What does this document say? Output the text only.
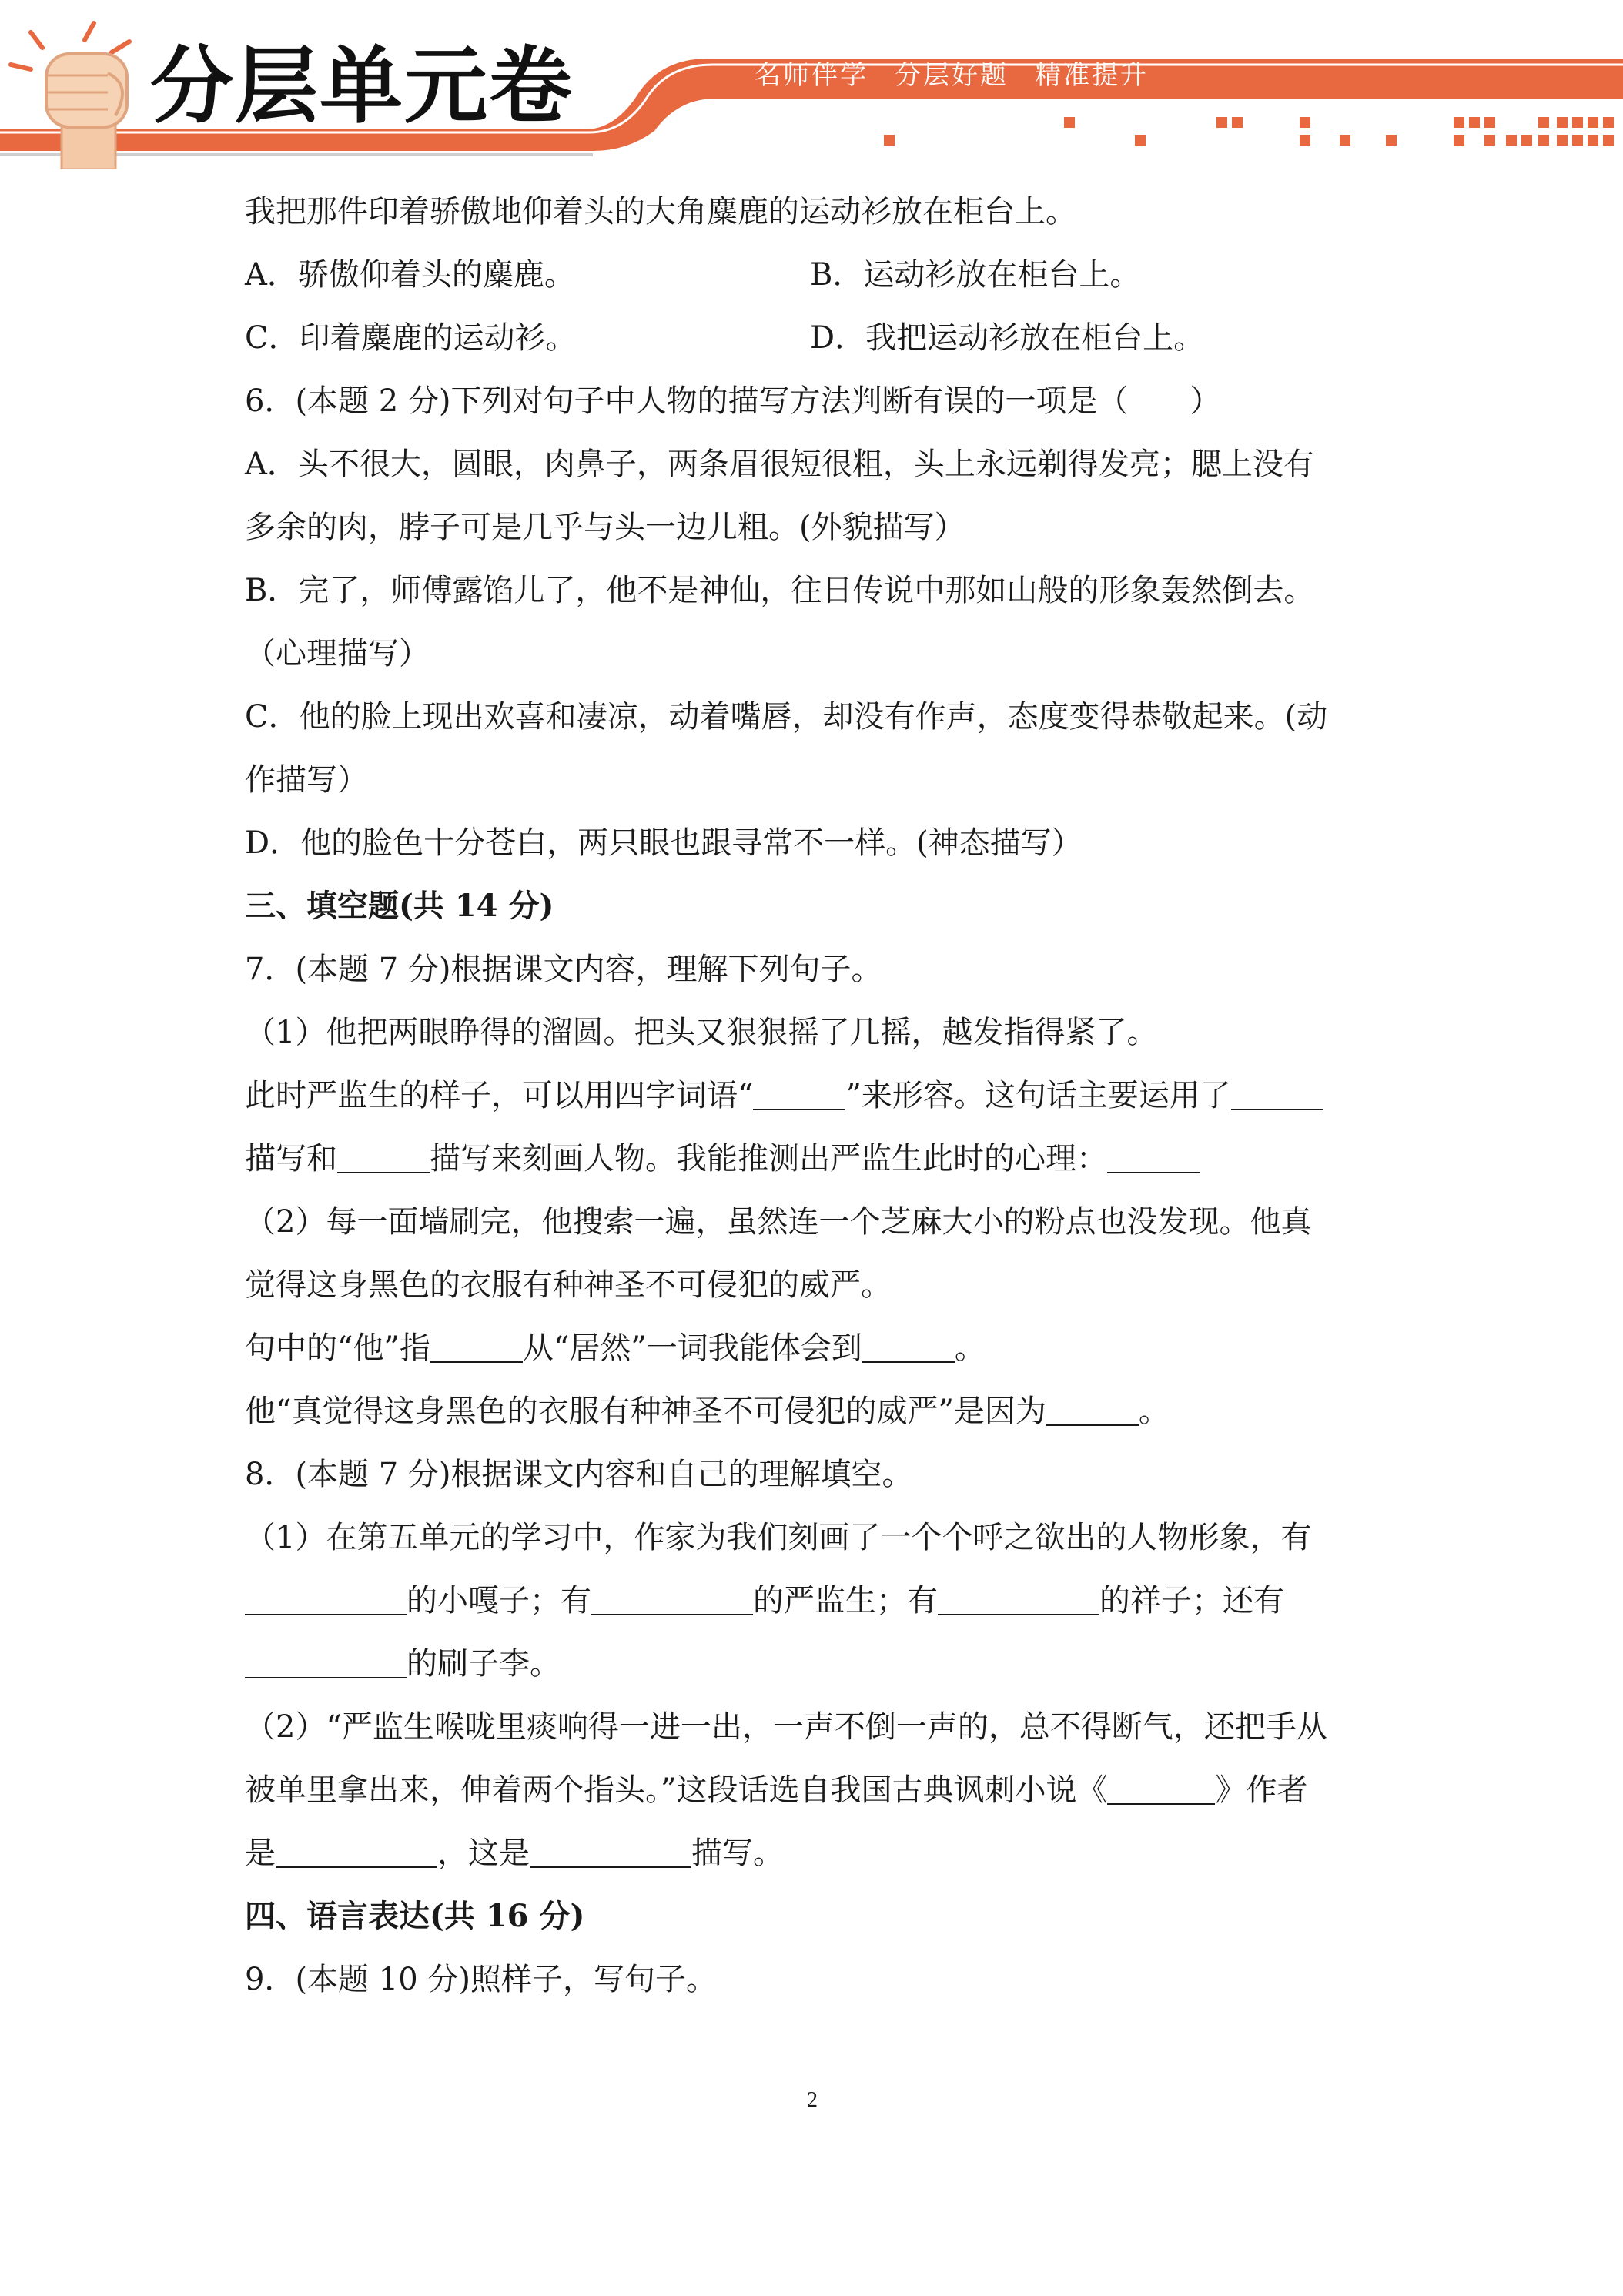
分层单元卷	名师伴学 分层好题 精准提升
我把那件印着骄傲地仰着头的大角麋鹿的运动衫放在柜台上。
A．骄傲仰着头的麋鹿。	B．运动衫放在柜台上。
C．印着麋鹿的运动衫。	D．我把运动衫放在柜台上。
6．(本题 2 分)下列对句子中人物的描写方法判断有误的一项是（　　）
A．头不很大，圆眼，肉鼻子，两条眉很短很粗，头上永远剃得发亮；腮上没有
多余的肉，脖子可是几乎与头一边儿粗。(外貌描写）
B．完了，师傅露馅儿了，他不是神仙，往日传说中那如山般的形象轰然倒去。
（心理描写）
C．他的脸上现出欢喜和凄凉，动着嘴唇，却没有作声，态度变得恭敬起来。(动
作描写）
D．他的脸色十分苍白，两只眼也跟寻常不一样。(神态描写）
三、填空题(共 14 分)
7．(本题 7 分)根据课文内容，理解下列句子。
（1）他把两眼睁得的溜圆。把头又狠狠摇了几摇，越发指得紧了。
此时严监生的样子，可以用四字词语“	”来形容。这句话主要运用了
描写和	描写来刻画人物。我能推测出严监生此时的心理：
（2）每一面墙刷完，他搜索一遍，虽然连一个芝麻大小的粉点也没发现。他真
觉得这身黑色的衣服有种神圣不可侵犯的威严。
句中的“他”指	从“居然”一词我能体会到	。
他“真觉得这身黑色的衣服有种神圣不可侵犯的威严”是因为	。
8．(本题 7 分)根据课文内容和自己的理解填空。
（1）在第五单元的学习中，作家为我们刻画了一个个呼之欲出的人物形象，有
的小嘎子；有	的严监生；有	的祥子；还有
的刷子李。
（2）“严监生喉咙里痰响得一进一出，一声不倒一声的，总不得断气，还把手从
被单里拿出来，伸着两个指头。”这段话选自我国古典讽刺小说《	》作者
是	，这是	描写。
四、语言表达(共 16 分)
9．(本题 10 分)照样子，写句子。
2
